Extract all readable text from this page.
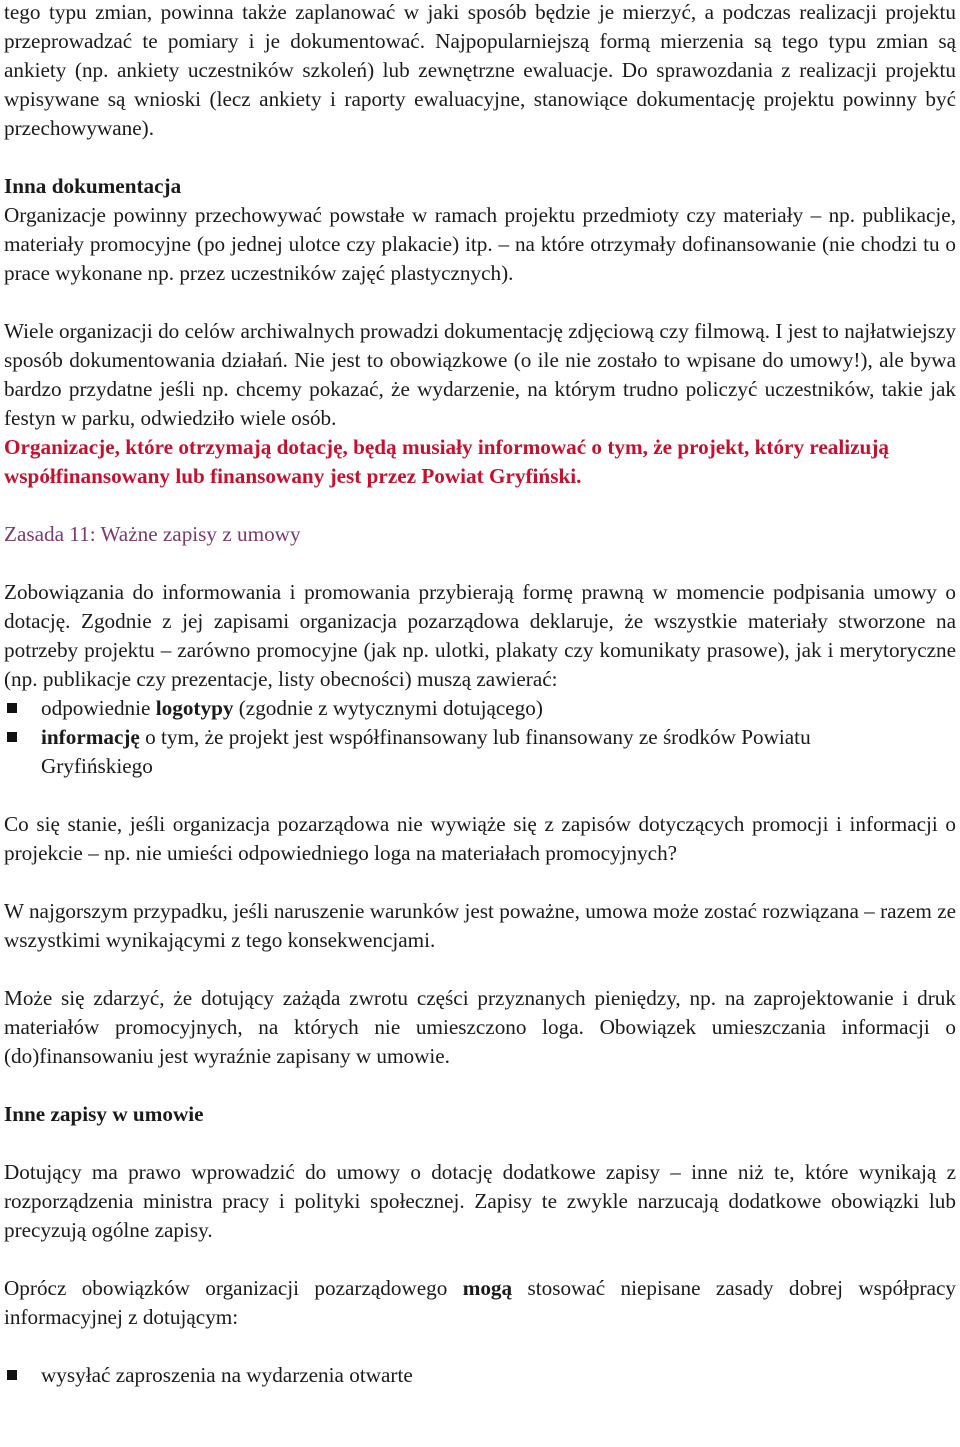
tego typu zmian, powinna także zaplanować w jaki sposób będzie je mierzyć, a podczas realizacji projektu przeprowadzać te pomiary i je dokumentować. Najpopularniejszą formą mierzenia są tego typu zmian są ankiety (np. ankiety uczestników szkoleń) lub zewnętrzne ewaluacje. Do sprawozdania z realizacji projektu wpisywane są wnioski (lecz ankiety i raporty ewaluacyjne, stanowiące dokumentację projektu powinny być przechowywane).

Inna dokumentacja

Organizacje powinny przechowywać powstałe w ramach projektu przedmioty czy materiały – np. publikacje, materiały promocyjne (po jednej ulotce czy plakacie) itp. – na które otrzymały dofinansowanie (nie chodzi tu o prace wykonane np. przez uczestników zajęć plastycznych).

Wiele organizacji do celów archiwalnych prowadzi dokumentację zdjęciową czy filmową. I jest to najłatwiejszy sposób dokumentowania działań. Nie jest to obowiązkowe (o ile nie zostało to wpisane do umowy!), ale bywa bardzo przydatne jeśli np. chcemy pokazać, że wydarzenie, na którym trudno policzyć uczestników, takie jak festyn w parku, odwiedziło wiele osób.

Organizacje, które otrzymają dotację, będą musiały informować o tym, że projekt, który realizują współfinansowany lub finansowany jest przez Powiat Gryfiński.

Zasada 11: Ważne zapisy z umowy

Zobowiązania do informowania i promowania przybierają formę prawną w momencie podpisania umowy o dotację. Zgodnie z jej zapisami organizacja pozarządowa deklaruje, że wszystkie materiały stworzone na potrzeby projektu – zarówno promocyjne (jak np. ulotki, plakaty czy komunikaty prasowe), jak i merytoryczne (np. publikacje czy prezentacje, listy obecności) muszą zawierać:

odpowiednie logotypy (zgodnie z wytycznymi dotującego)
informację o tym, że projekt jest współfinansowany lub finansowany ze środków Powiatu Gryfińskiego

Co się stanie, jeśli organizacja pozarządowa nie wywiąże się z zapisów dotyczących promocji i informacji o projekcie – np. nie umieści odpowiedniego loga na materiałach promocyjnych?

W najgorszym przypadku, jeśli naruszenie warunków jest poważne, umowa może zostać rozwiązana – razem ze wszystkimi wynikającymi z tego konsekwencjami.

Może się zdarzyć, że dotujący zażąda zwrotu części przyznanych pieniędzy, np. na zaprojektowanie i druk materiałów promocyjnych, na których nie umieszczono loga. Obowiązek umieszczania informacji o (do)finansowaniu jest wyraźnie zapisany w umowie.

Inne zapisy w umowie

Dotujący ma prawo wprowadzić do umowy o dotację dodatkowe zapisy – inne niż te, które wynikają z rozporządzenia ministra pracy i polityki społecznej. Zapisy te zwykle narzucają dodatkowe obowiązki lub precyzują ogólne zapisy.

Oprócz obowiązków organizacji pozarządowego mogą stosować niepisane zasady dobrej współpracy informacyjnej z dotującym:

wysyłać zaproszenia na wydarzenia otwarte
